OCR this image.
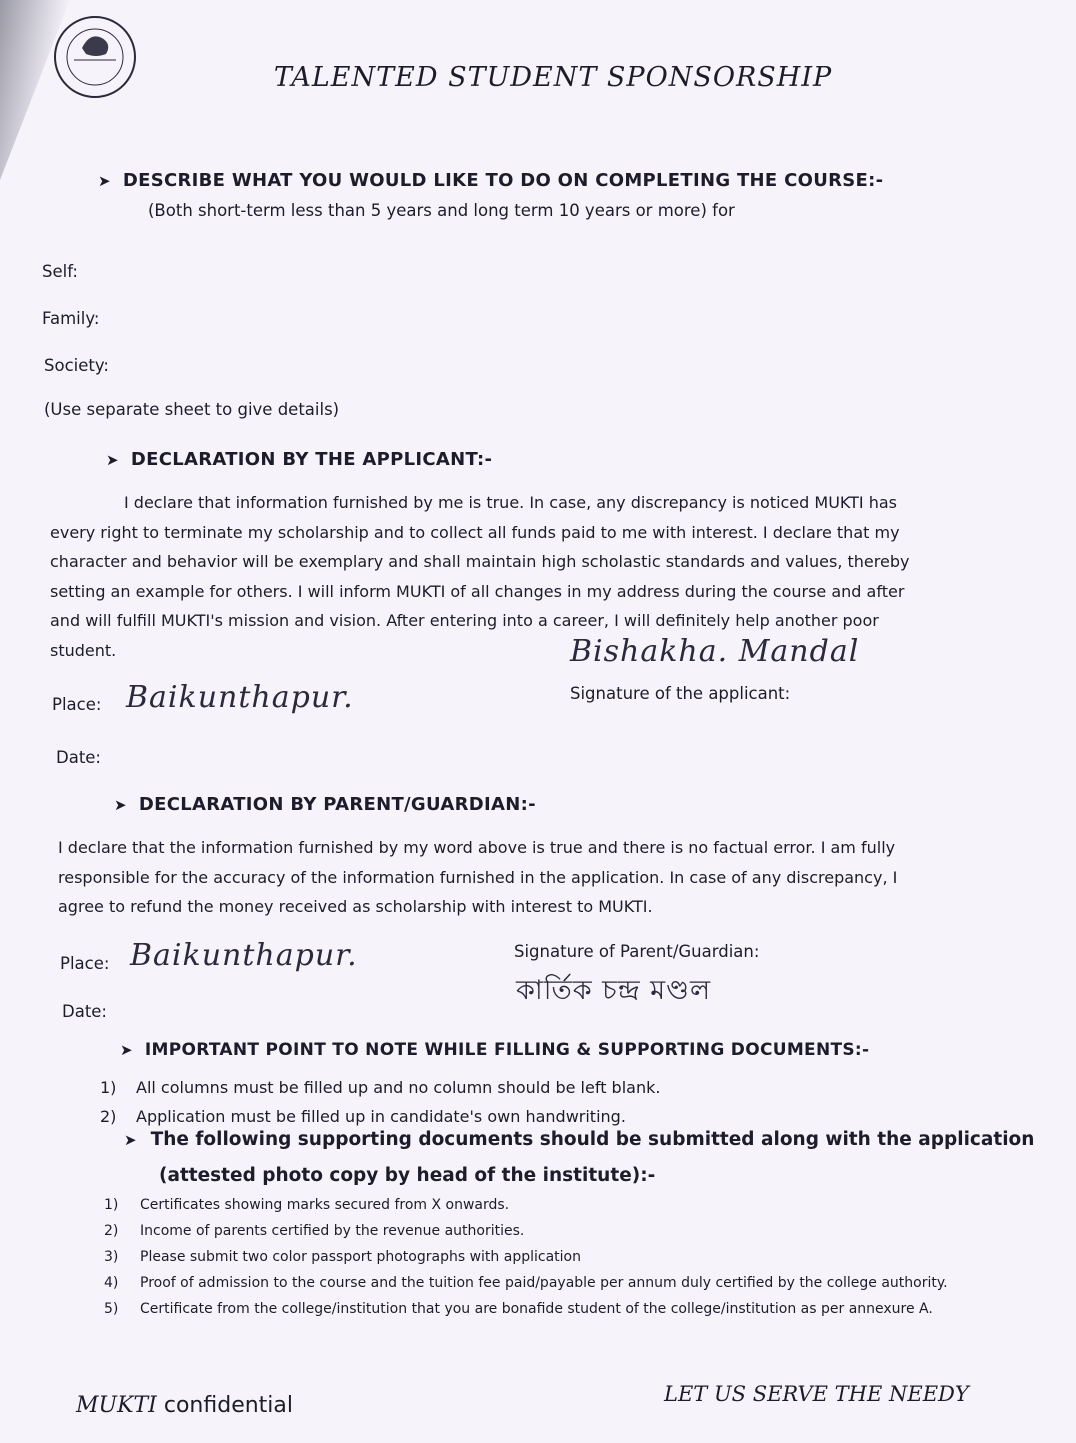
TALENTED STUDENT SPONSORSHIP
➤ DESCRIBE WHAT YOU WOULD LIKE TO DO ON COMPLETING THE COURSE:-
(Both short-term less than 5 years and long term 10 years or more) for
Self:
Family:
Society:
(Use separate sheet to give details)
➤ DECLARATION BY THE APPLICANT:-
I declare that information furnished by me is true. In case, any discrepancy is noticed MUKTI has
every right to terminate my scholarship and to collect all funds paid to me with interest. I declare that my
character and behavior will be exemplary and shall maintain high scholastic standards and values, thereby
setting an example for others. I will inform MUKTI of all changes in my address during the course and after
and will fulfill MUKTI's mission and vision. After entering into a career, I will definitely help another poor
student.	Bishakha. Mandal
Place: Baikunthapur.	Signature of the applicant:
Date:
➤ DECLARATION BY PARENT/GUARDIAN:-
I declare that the information furnished by my word above is true and there is no factual error. I am fully
responsible for the accuracy of the information furnished in the application. In case of any discrepancy, I
agree to refund the money received as scholarship with interest to MUKTI.
Place: Baikunthapur.	Signature of Parent/Guardian:
কার্তিক চন্দ্র মণ্ডল
Date:
➤ IMPORTANT POINT TO NOTE WHILE FILLING & SUPPORTING DOCUMENTS:-
1) All columns must be filled up and no column should be left blank.
2) Application must be filled up in candidate's own handwriting.
➤ The following supporting documents should be submitted along with the application
(attested photo copy by head of the institute):-
1) Certificates showing marks secured from X onwards.
2) Income of parents certified by the revenue authorities.
3) Please submit two color passport photographs with application
4) Proof of admission to the course and the tuition fee paid/payable per annum duly certified by the college authority.
5) Certificate from the college/institution that you are bonafide student of the college/institution as per annexure A.
MUKTI confidential	LET US SERVE THE NEEDY
